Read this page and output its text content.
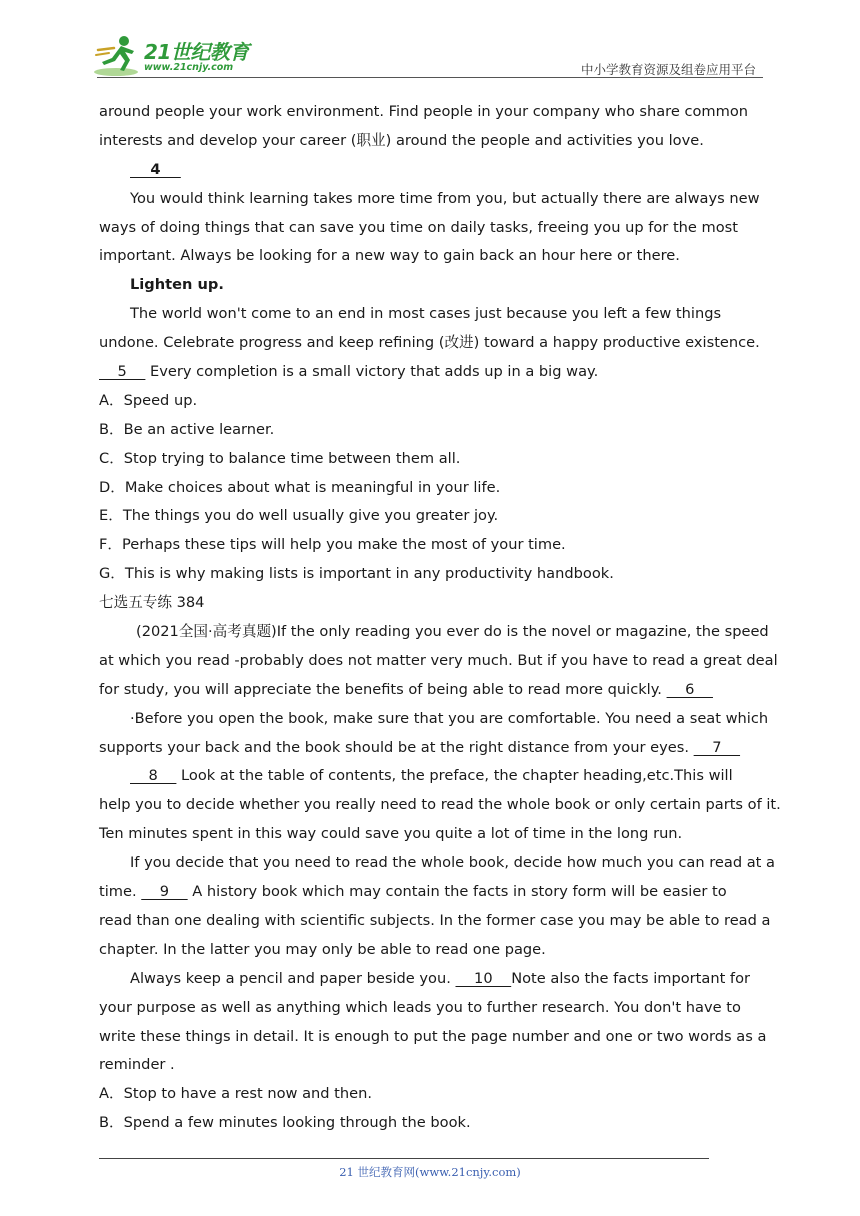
21世纪教育
www.21cnjy.com	中小学教育资源及组卷应用平台
around people your work environment. Find people in your company who share common
interests and develop your career (职业) around the people and activities you love.
4
You would think learning takes more time from you, but actually there are always new
ways of doing things that can save you time on daily tasks, freeing you up for the most
important. Always be looking for a new way to gain back an hour here or there.
Lighten up.
The world won't come to an end in most cases just because you left a few things
undone. Celebrate progress and keep refining (改进) toward a happy productive existence.
5     Every completion is a small victory that adds up in a big way.
A．Speed up.
B．Be an active learner.
C．Stop trying to balance time between them all.
D．Make choices about what is meaningful in your life.
E．The things you do well usually give you greater joy.
F．Perhaps these tips will help you make the most of your time.
G．This is why making lists is important in any productivity handbook.
七选五专练 384
(2021全国·高考真题)If the only reading you ever do is the novel or magazine, the speed
at which you read -probably does not matter very much. But if you have to read a great deal
for study, you will appreciate the benefits of being able to read more quickly.     6
·Before you open the book, make sure that you are comfortable. You need a seat which
supports your back and the book should be at the right distance from your eyes.     7
8     Look at the table of contents, the preface, the chapter heading,etc.This will
help you to decide whether you really need to read the whole book or only certain parts of it.
Ten minutes spent in this way could save you quite a lot of time in the long run.
If you decide that you need to read the whole book, decide how much you can read at a
time.     9     A history book which may contain the facts in story form will be easier to
read than one dealing with scientific subjects. In the former case you may be able to read a
chapter. In the latter you may only be able to read one page.
Always keep a pencil and paper beside you.     10    Note also the facts important for
your purpose as well as anything which leads you to further research. You don't have to
write these things in detail. It is enough to put the page number and one or two words as a
reminder .
A．Stop to have a rest now and then.
B．Spend a few minutes looking through the book.
21 世纪教育网(www.21cnjy.com)
